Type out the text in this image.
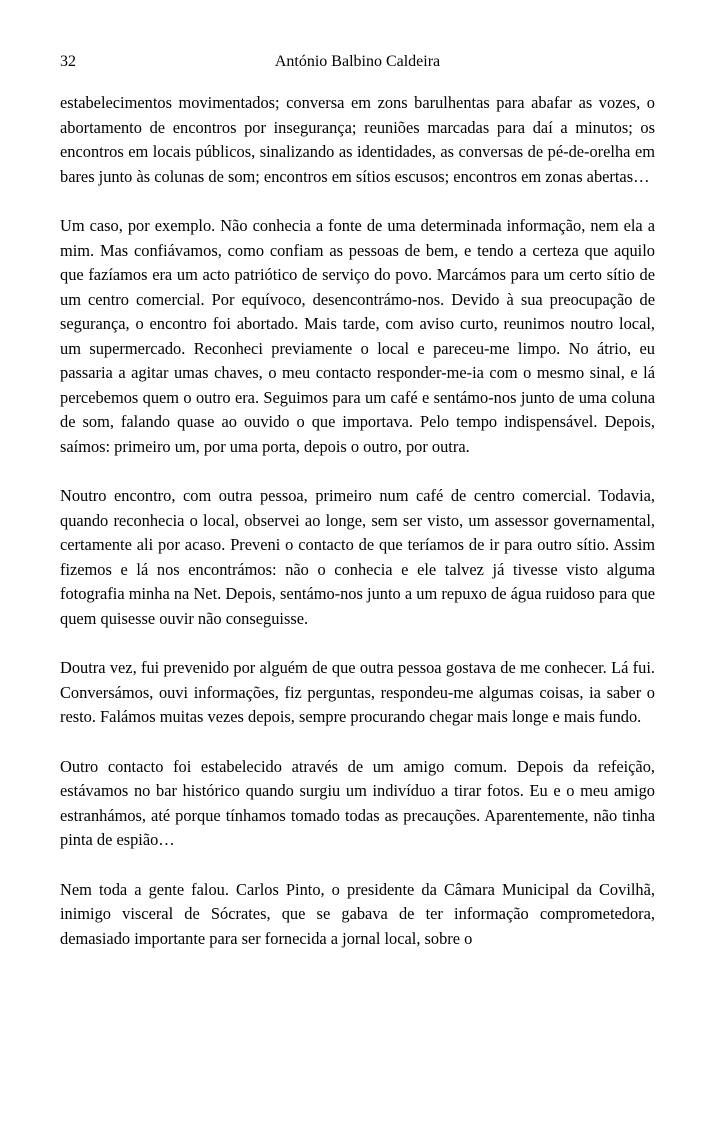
32	António Balbino Caldeira

estabelecimentos movimentados; conversa em zons barulhentas para abafar as vozes, o abortamento de encontros por insegurança; reuniões marcadas para daí a minutos; os encontros em locais públicos, sinalizando as identidades, as conversas de pé-de-orelha em bares junto às colunas de som; encontros em sítios escusos; encontros em zonas abertas…

Um caso, por exemplo. Não conhecia a fonte de uma determinada informação, nem ela a mim. Mas confiávamos, como confiam as pessoas de bem, e tendo a certeza que aquilo que fazíamos era um acto patriótico de serviço do povo. Marcámos para um certo sítio de um centro comercial. Por equívoco, desencontrámo-nos. Devido à sua preocupação de segurança, o encontro foi abortado. Mais tarde, com aviso curto, reunimos noutro local, um supermercado. Reconheci previamente o local e pareceu-me limpo. No átrio, eu passaria a agitar umas chaves, o meu contacto responder-me-ia com o mesmo sinal, e lá percebemos quem o outro era. Seguimos para um café e sentámo-nos junto de uma coluna de som, falando quase ao ouvido o que importava. Pelo tempo indispensável. Depois, saímos: primeiro um, por uma porta, depois o outro, por outra.

Noutro encontro, com outra pessoa, primeiro num café de centro comercial. Todavia, quando reconhecia o local, observei ao longe, sem ser visto, um assessor governamental, certamente ali por acaso. Preveni o contacto de que teríamos de ir para outro sítio. Assim fizemos e lá nos encontrámos: não o conhecia e ele talvez já tivesse visto alguma fotografia minha na Net. Depois, sentámo-nos junto a um repuxo de água ruidoso para que quem quisesse ouvir não conseguisse.

Doutra vez, fui prevenido por alguém de que outra pessoa gostava de me conhecer. Lá fui. Conversámos, ouvi informações, fiz perguntas, respondeu-me algumas coisas, ia saber o resto. Falámos muitas vezes depois, sempre procurando chegar mais longe e mais fundo.

Outro contacto foi estabelecido através de um amigo comum. Depois da refeição, estávamos no bar histórico quando surgiu um indivíduo a tirar fotos. Eu e o meu amigo estranhámos, até porque tínhamos tomado todas as precauções. Aparentemente, não tinha pinta de espião…

Nem toda a gente falou. Carlos Pinto, o presidente da Câmara Municipal da Covilhã, inimigo visceral de Sócrates, que se gabava de ter informação comprometedora, demasiado importante para ser fornecida a jornal local, sobre o
